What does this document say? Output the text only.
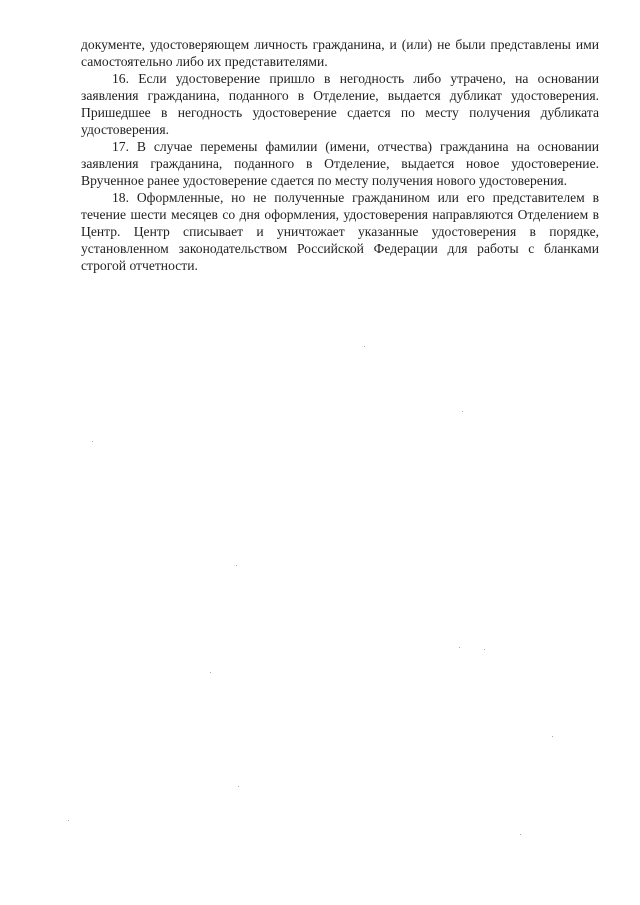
документе, удостоверяющем личность гражданина, и (или) не были представлены ими самостоятельно либо их представителями.

16. Если удостоверение пришло в негодность либо утрачено, на основании заявления гражданина, поданного в Отделение, выдается дубликат удостоверения. Пришедшее в негодность удостоверение сдается по месту получения дубликата удостоверения.

17. В случае перемены фамилии (имени, отчества) гражданина на основании заявления гражданина, поданного в Отделение, выдается новое удостоверение. Врученное ранее удостоверение сдается по месту получения нового удостоверения.

18. Оформленные, но не полученные гражданином или его представителем в течение шести месяцев со дня оформления, удостоверения направляются Отделением в Центр. Центр списывает и уничтожает указанные удостоверения в порядке, установленном законодательством Российской Федерации для работы с бланками строгой отчетности.
